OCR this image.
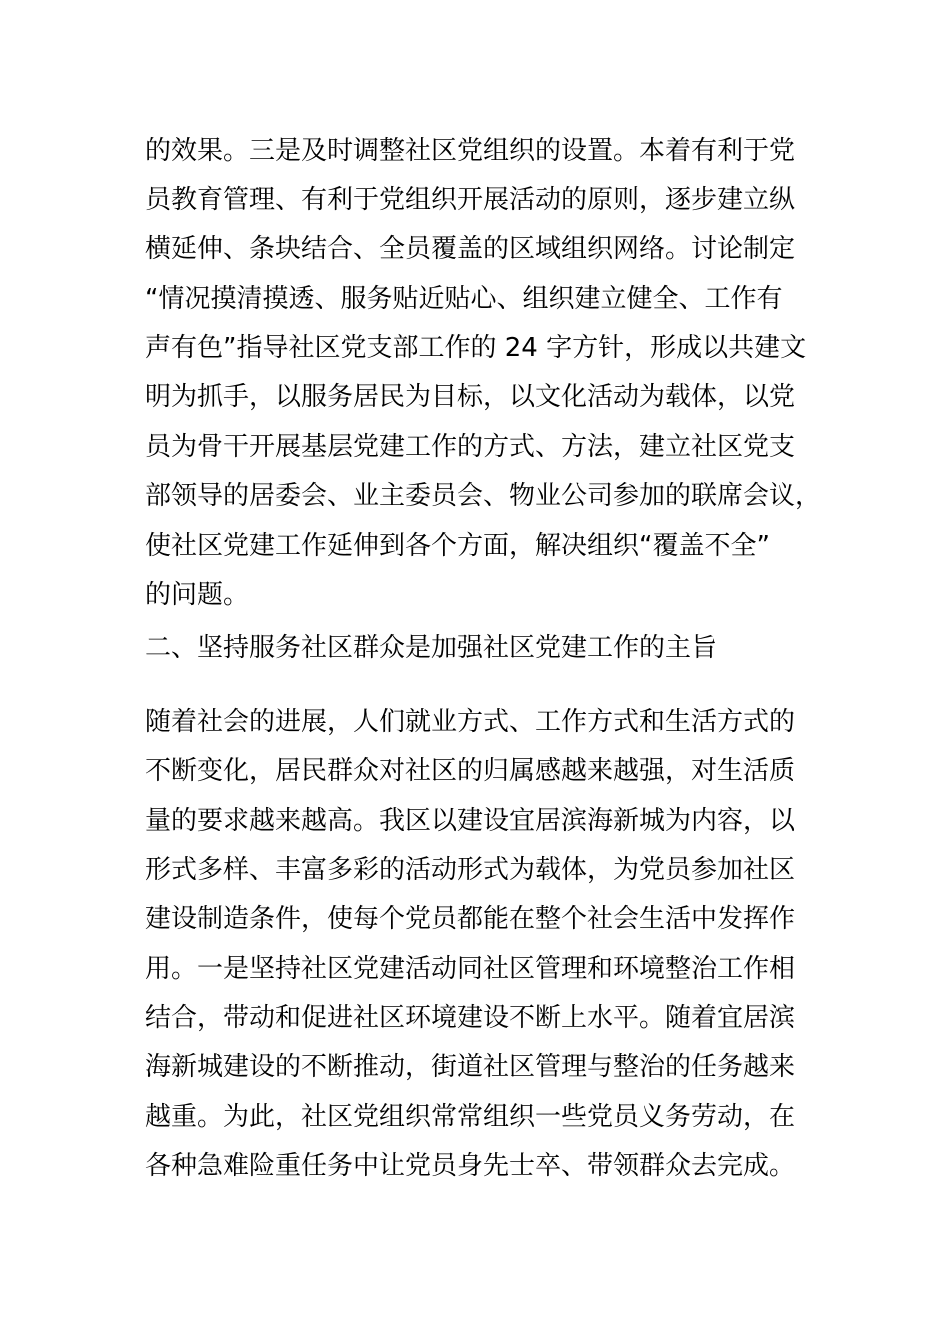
的效果。三是及时调整社区党组织的设置。本着有利于党
员教育管理、有利于党组织开展活动的原则，逐步建立纵
横延伸、条块结合、全员覆盖的区域组织网络。讨论制定
“情况摸清摸透、服务贴近贴心、组织建立健全、工作有
声有色”指导社区党支部工作的 24 字方针，形成以共建文
明为抓手，以服务居民为目标，以文化活动为载体，以党
员为骨干开展基层党建工作的方式、方法，建立社区党支
部领导的居委会、业主委员会、物业公司参加的联席会议，
使社区党建工作延伸到各个方面，解决组织“覆盖不全”
的问题。
二、坚持服务社区群众是加强社区党建工作的主旨
随着社会的进展，人们就业方式、工作方式和生活方式的
不断变化，居民群众对社区的归属感越来越强，对生活质
量的要求越来越高。我区以建设宜居滨海新城为内容，以
形式多样、丰富多彩的活动形式为载体，为党员参加社区
建设制造条件，使每个党员都能在整个社会生活中发挥作
用。一是坚持社区党建活动同社区管理和环境整治工作相
结合，带动和促进社区环境建设不断上水平。随着宜居滨
海新城建设的不断推动，街道社区管理与整治的任务越来
越重。为此，社区党组织常常组织一些党员义务劳动，在
各种急难险重任务中让党员身先士卒、带领群众去完成。
